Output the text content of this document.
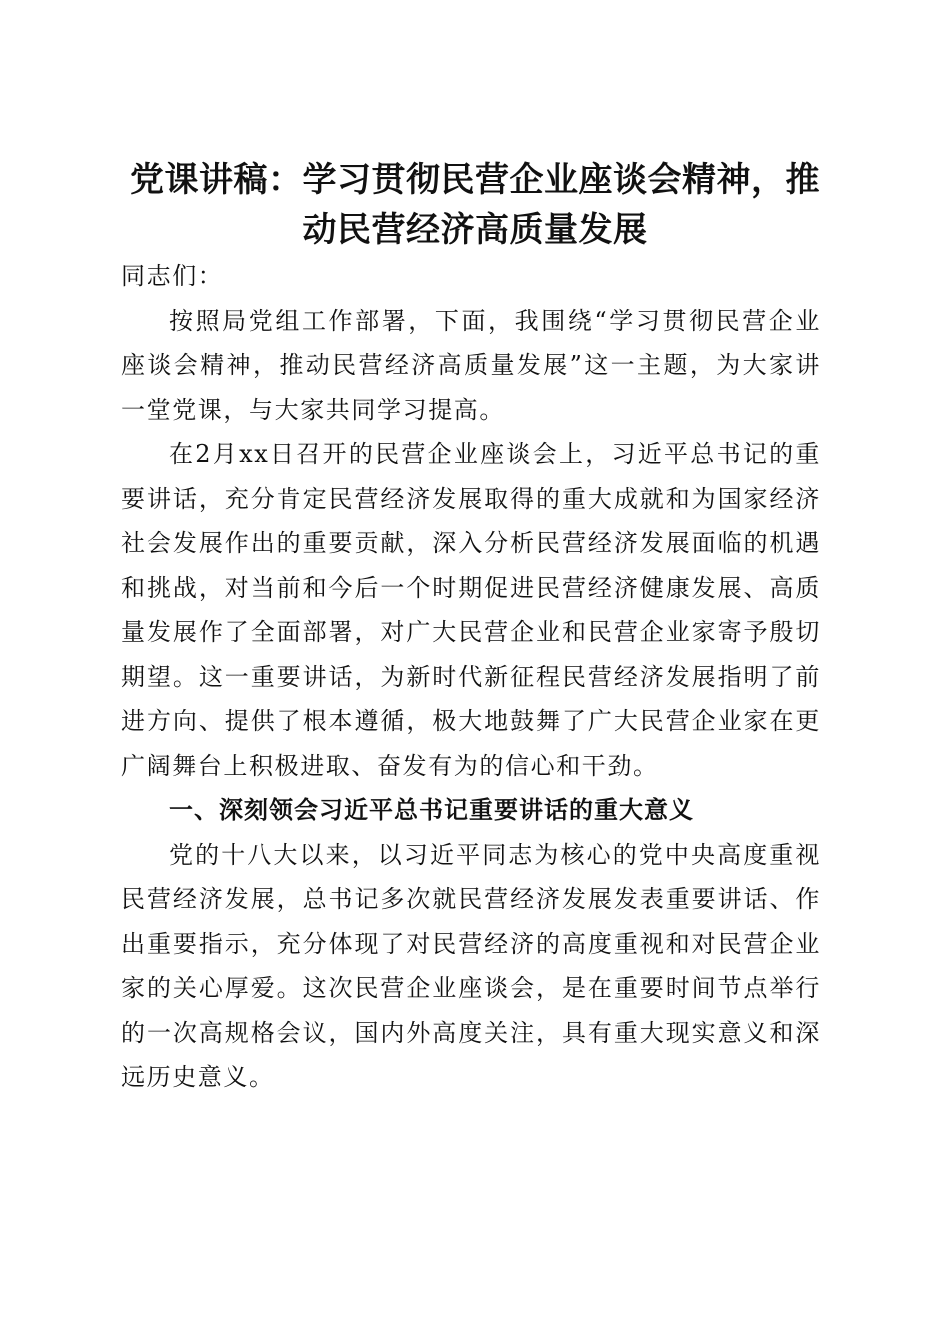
党课讲稿：学习贯彻民营企业座谈会精神，推
动民营经济高质量发展

同志们：

按照局党组工作部署，下面，我围绕“学习贯彻民营企业座谈会精神，推动民营经济高质量发展”这一主题，为大家讲一堂党课，与大家共同学习提高。

在2月xx日召开的民营企业座谈会上，习近平总书记的重要讲话，充分肯定民营经济发展取得的重大成就和为国家经济社会发展作出的重要贡献，深入分析民营经济发展面临的机遇和挑战，对当前和今后一个时期促进民营经济健康发展、高质量发展作了全面部署，对广大民营企业和民营企业家寄予殷切期望。这一重要讲话，为新时代新征程民营经济发展指明了前进方向、提供了根本遵循，极大地鼓舞了广大民营企业家在更广阔舞台上积极进取、奋发有为的信心和干劲。

一、深刻领会习近平总书记重要讲话的重大意义

党的十八大以来，以习近平同志为核心的党中央高度重视民营经济发展，总书记多次就民营经济发展发表重要讲话、作出重要指示，充分体现了对民营经济的高度重视和对民营企业家的关心厚爱。这次民营企业座谈会，是在重要时间节点举行的一次高规格会议，国内外高度关注，具有重大现实意义和深远历史意义。
